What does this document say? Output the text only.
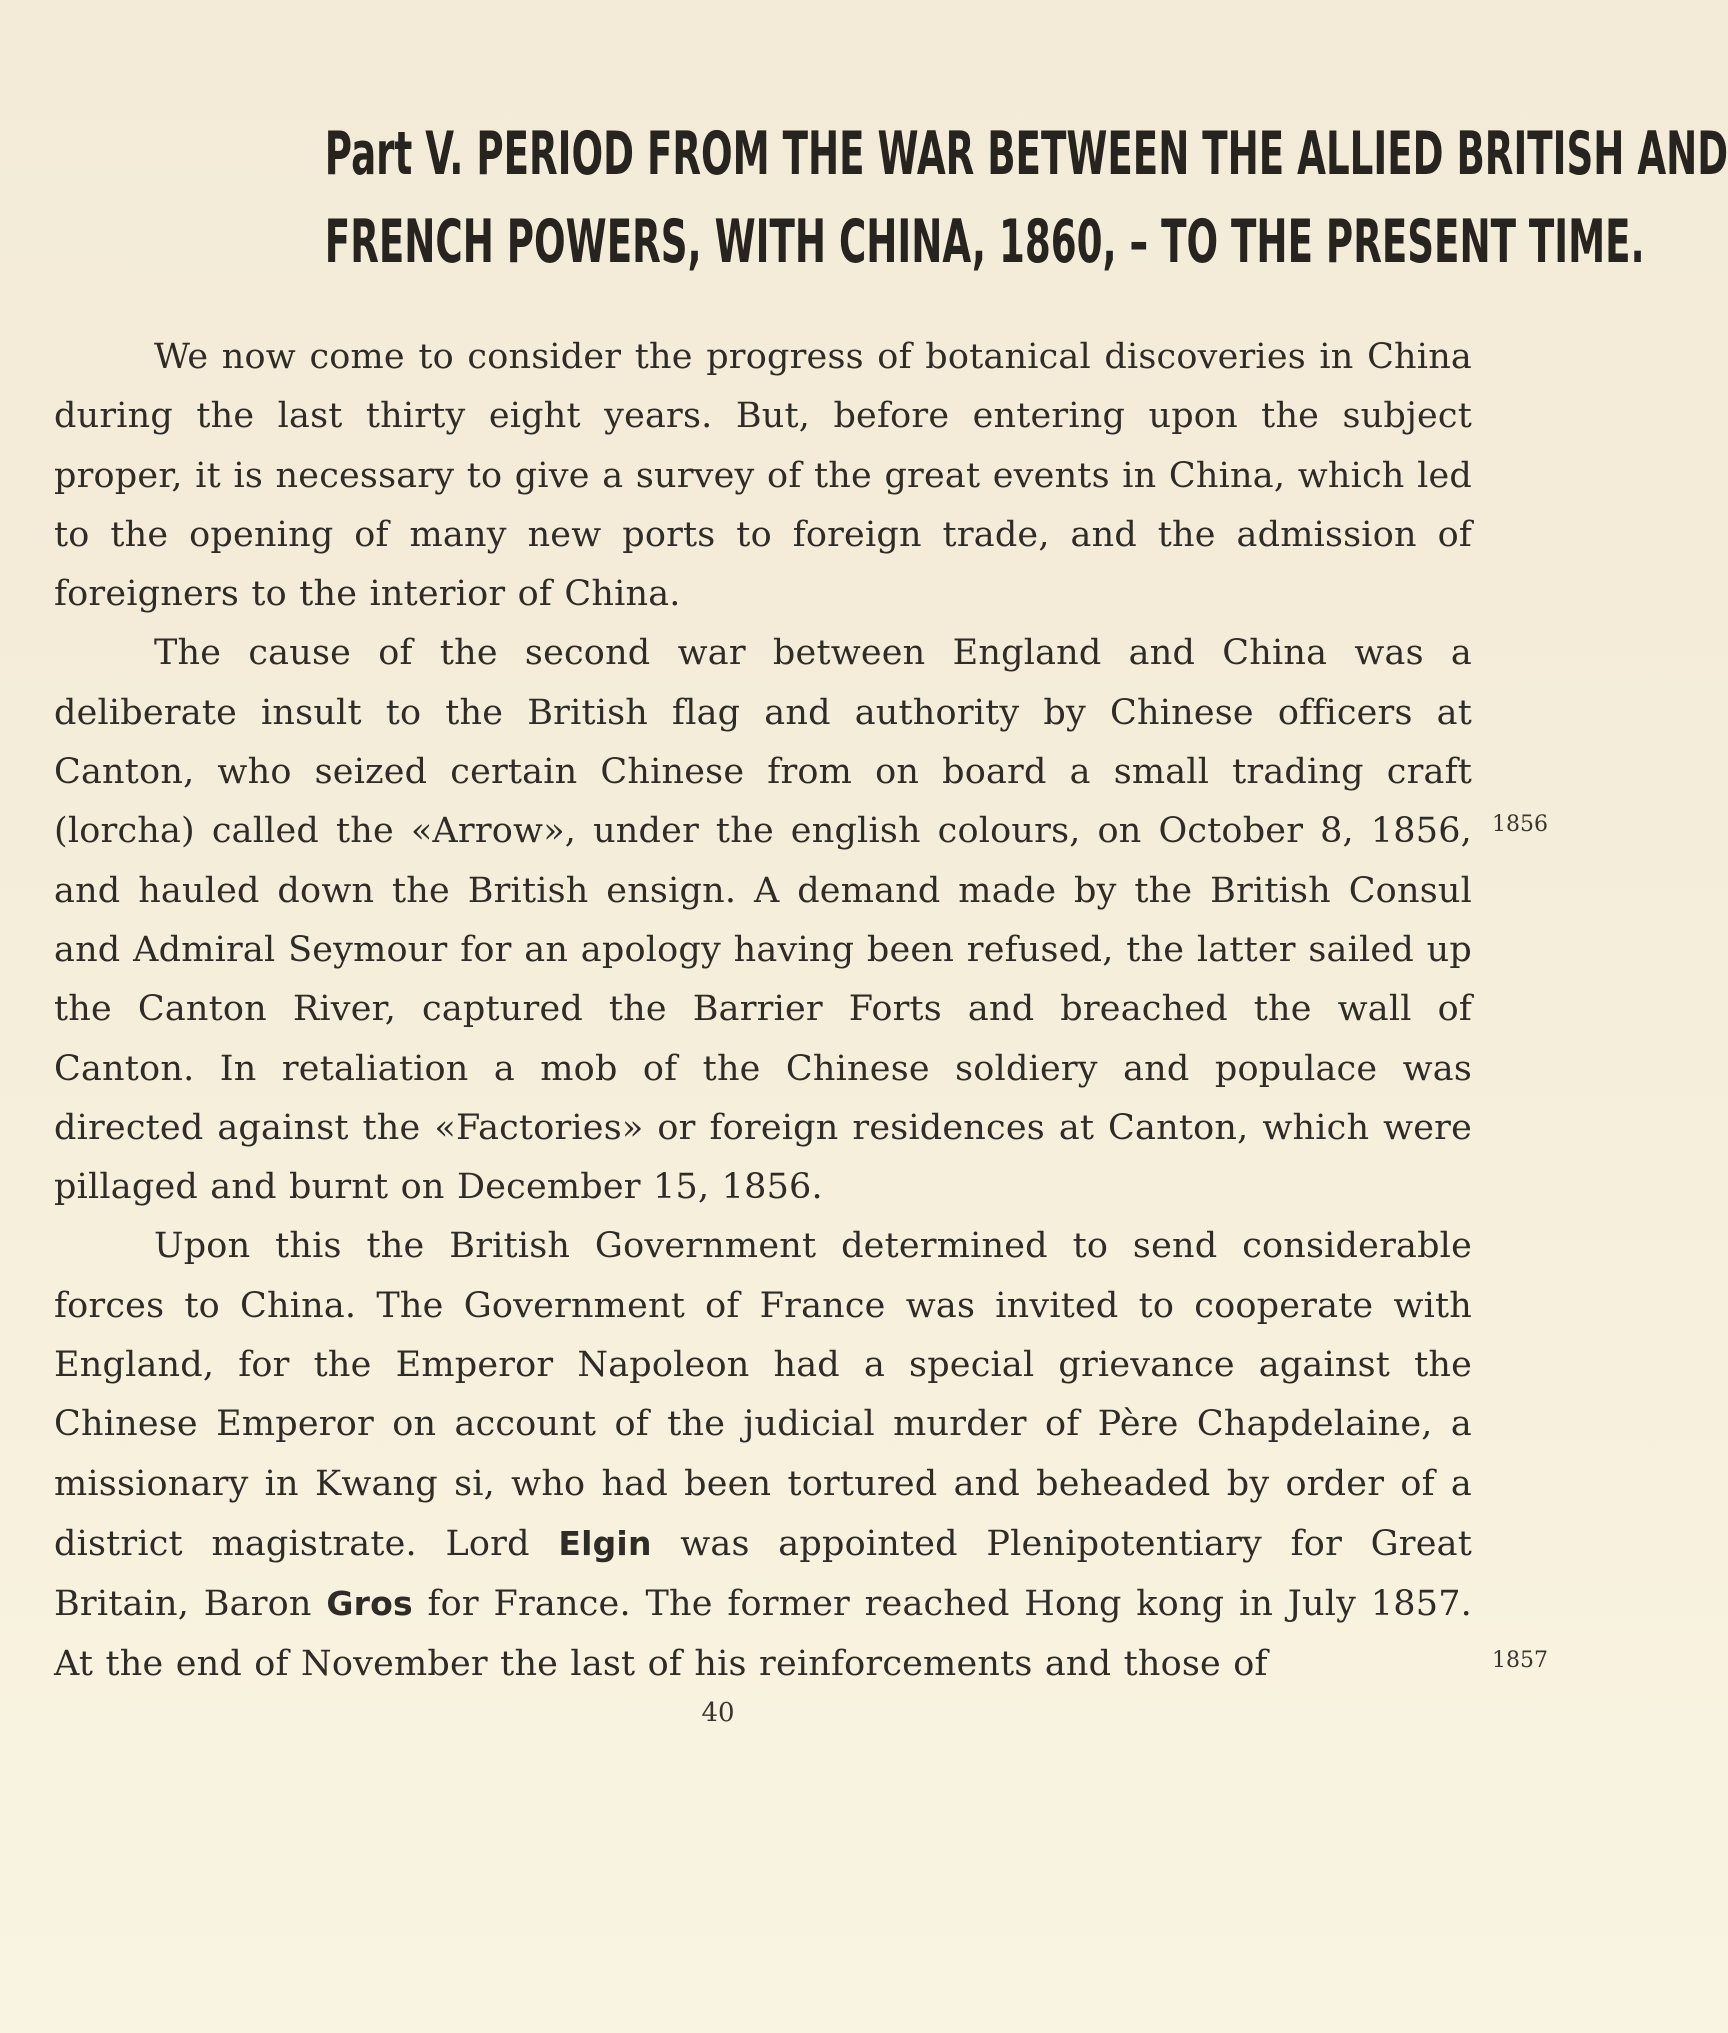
Part V. PERIOD FROM THE WAR BETWEEN THE ALLIED BRITISH AND
FRENCH POWERS, WITH CHINA, 1860, – TO THE PRESENT TIME.

We now come to consider the progress of botanical discoveries in China during the last thirty eight years. But, before entering upon the subject proper, it is necessary to give a survey of the great events in China, which led to the opening of many new ports to foreign trade, and the admission of foreigners to the interior of China.

The cause of the second war between England and China was a deliberate insult to the British flag and authority by Chinese officers at Canton, who seized certain Chinese from on board a small trading craft (lorcha) called the «Arrow», under the english colours, on October 8, 1856, and hauled down the British ensign. A demand made by the British Consul and Admiral Seymour for an apology having been refused, the latter sailed up the Canton River, captured the Barrier Forts and breached the wall of Canton. In retaliation a mob of the Chinese soldiery and populace was directed against the «Factories» or foreign residences at Canton, which were pillaged and burnt on December 15, 1856.

Upon this the British Government determined to send considerable forces to China. The Government of France was invited to cooperate with England, for the Emperor Napoleon had a special grievance against the Chinese Emperor on account of the judicial murder of Père Chapdelaine, a missionary in Kwang si, who had been tortured and beheaded by order of a district magistrate. Lord Elgin was appointed Plenipotentiary for Great Britain, Baron Gros for France. The former reached Hong kong in July 1857. At the end of November the last of his reinforcements and those of

1856
1857
40
